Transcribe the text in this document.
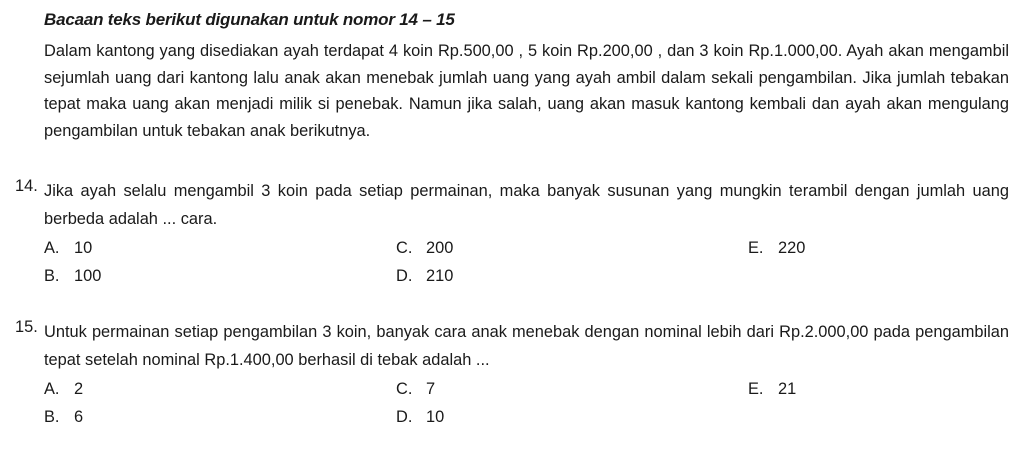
Bacaan teks berikut digunakan untuk nomor 14 – 15
Dalam kantong yang disediakan ayah terdapat 4 koin Rp.500,00 , 5 koin Rp.200,00 , dan 3 koin Rp.1.000,00. Ayah akan mengambil sejumlah uang dari kantong lalu anak akan menebak jumlah uang yang ayah ambil dalam sekali pengambilan. Jika jumlah tebakan tepat maka uang akan menjadi milik si penebak. Namun jika salah, uang akan masuk kantong kembali dan ayah akan mengulang pengambilan untuk tebakan anak berikutnya.
14. Jika ayah selalu mengambil 3 koin pada setiap permainan, maka banyak susunan yang mungkin terambil dengan jumlah uang berbeda adalah ... cara.
A. 10
B. 100
C. 200
D. 210
E. 220
15. Untuk permainan setiap pengambilan 3 koin, banyak cara anak menebak dengan nominal lebih dari Rp.2.000,00 pada pengambilan tepat setelah nominal Rp.1.400,00 berhasil di tebak adalah ...
A. 2
B. 6
C. 7
D. 10
E. 21
